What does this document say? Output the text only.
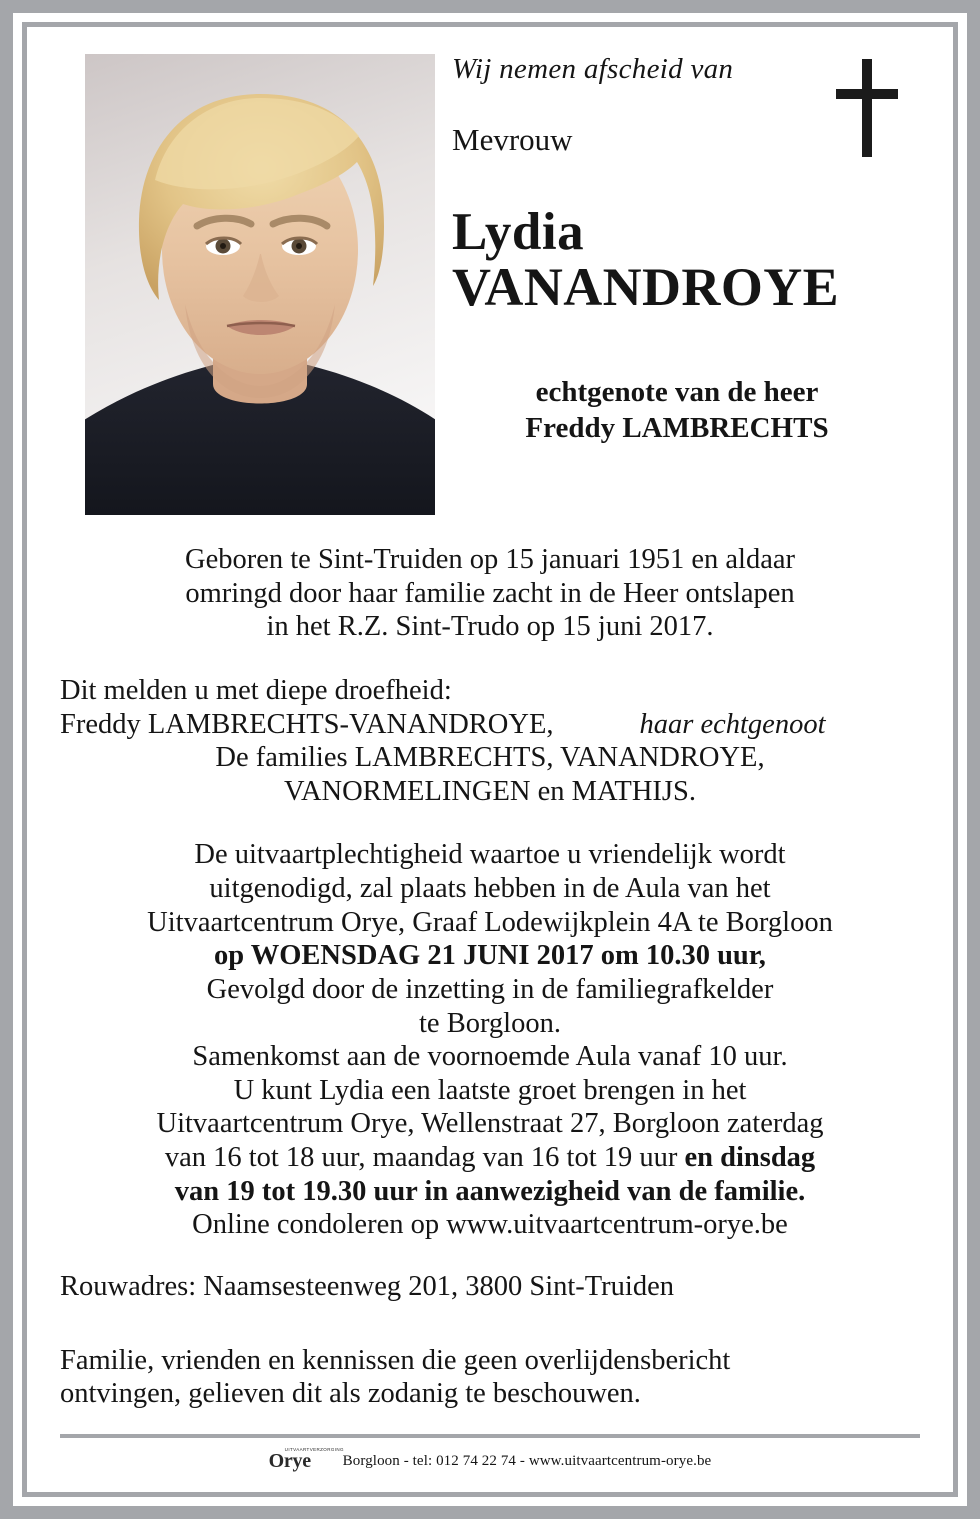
Wij nemen afscheid van
Mevrouw
Lydia
VANANDROYE
echtgenote van de heer
Freddy LAMBRECHTS
Geboren te Sint-Truiden op 15 januari 1951 en aldaar
omringd door haar familie zacht in de Heer ontslapen
in het R.Z. Sint-Trudo op 15 juni 2017.
Dit melden u met diepe droefheid:
Freddy LAMBRECHTS-VANANDROYE,	haar echtgenoot
De families LAMBRECHTS, VANANDROYE,
VANORMELINGEN en MATHIJS.
De uitvaartplechtigheid waartoe u vriendelijk wordt
uitgenodigd, zal plaats hebben in de Aula van het
Uitvaartcentrum Orye, Graaf Lodewijkplein 4A te Borgloon
op WOENSDAG 21 JUNI 2017 om 10.30 uur,
Gevolgd door de inzetting in de familiegrafkelder
te Borgloon.
Samenkomst aan de voornoemde Aula vanaf 10 uur.
U kunt Lydia een laatste groet brengen in het
Uitvaartcentrum Orye, Wellenstraat 27, Borgloon zaterdag
van 16 tot 18 uur, maandag van 16 tot 19 uur en dinsdag
van 19 tot 19.30 uur in aanwezigheid van de familie.
Online condoleren op www.uitvaartcentrum-orye.be
Rouwadres: Naamsesteenweg 201, 3800 Sint-Truiden
Familie, vrienden en kennissen die geen overlijdensbericht
ontvingen, gelieven dit als zodanig te beschouwen.
UITVAARTVERZORGING
Orye Borgloon - tel: 012 74 22 74 - www.uitvaartcentrum-orye.be
